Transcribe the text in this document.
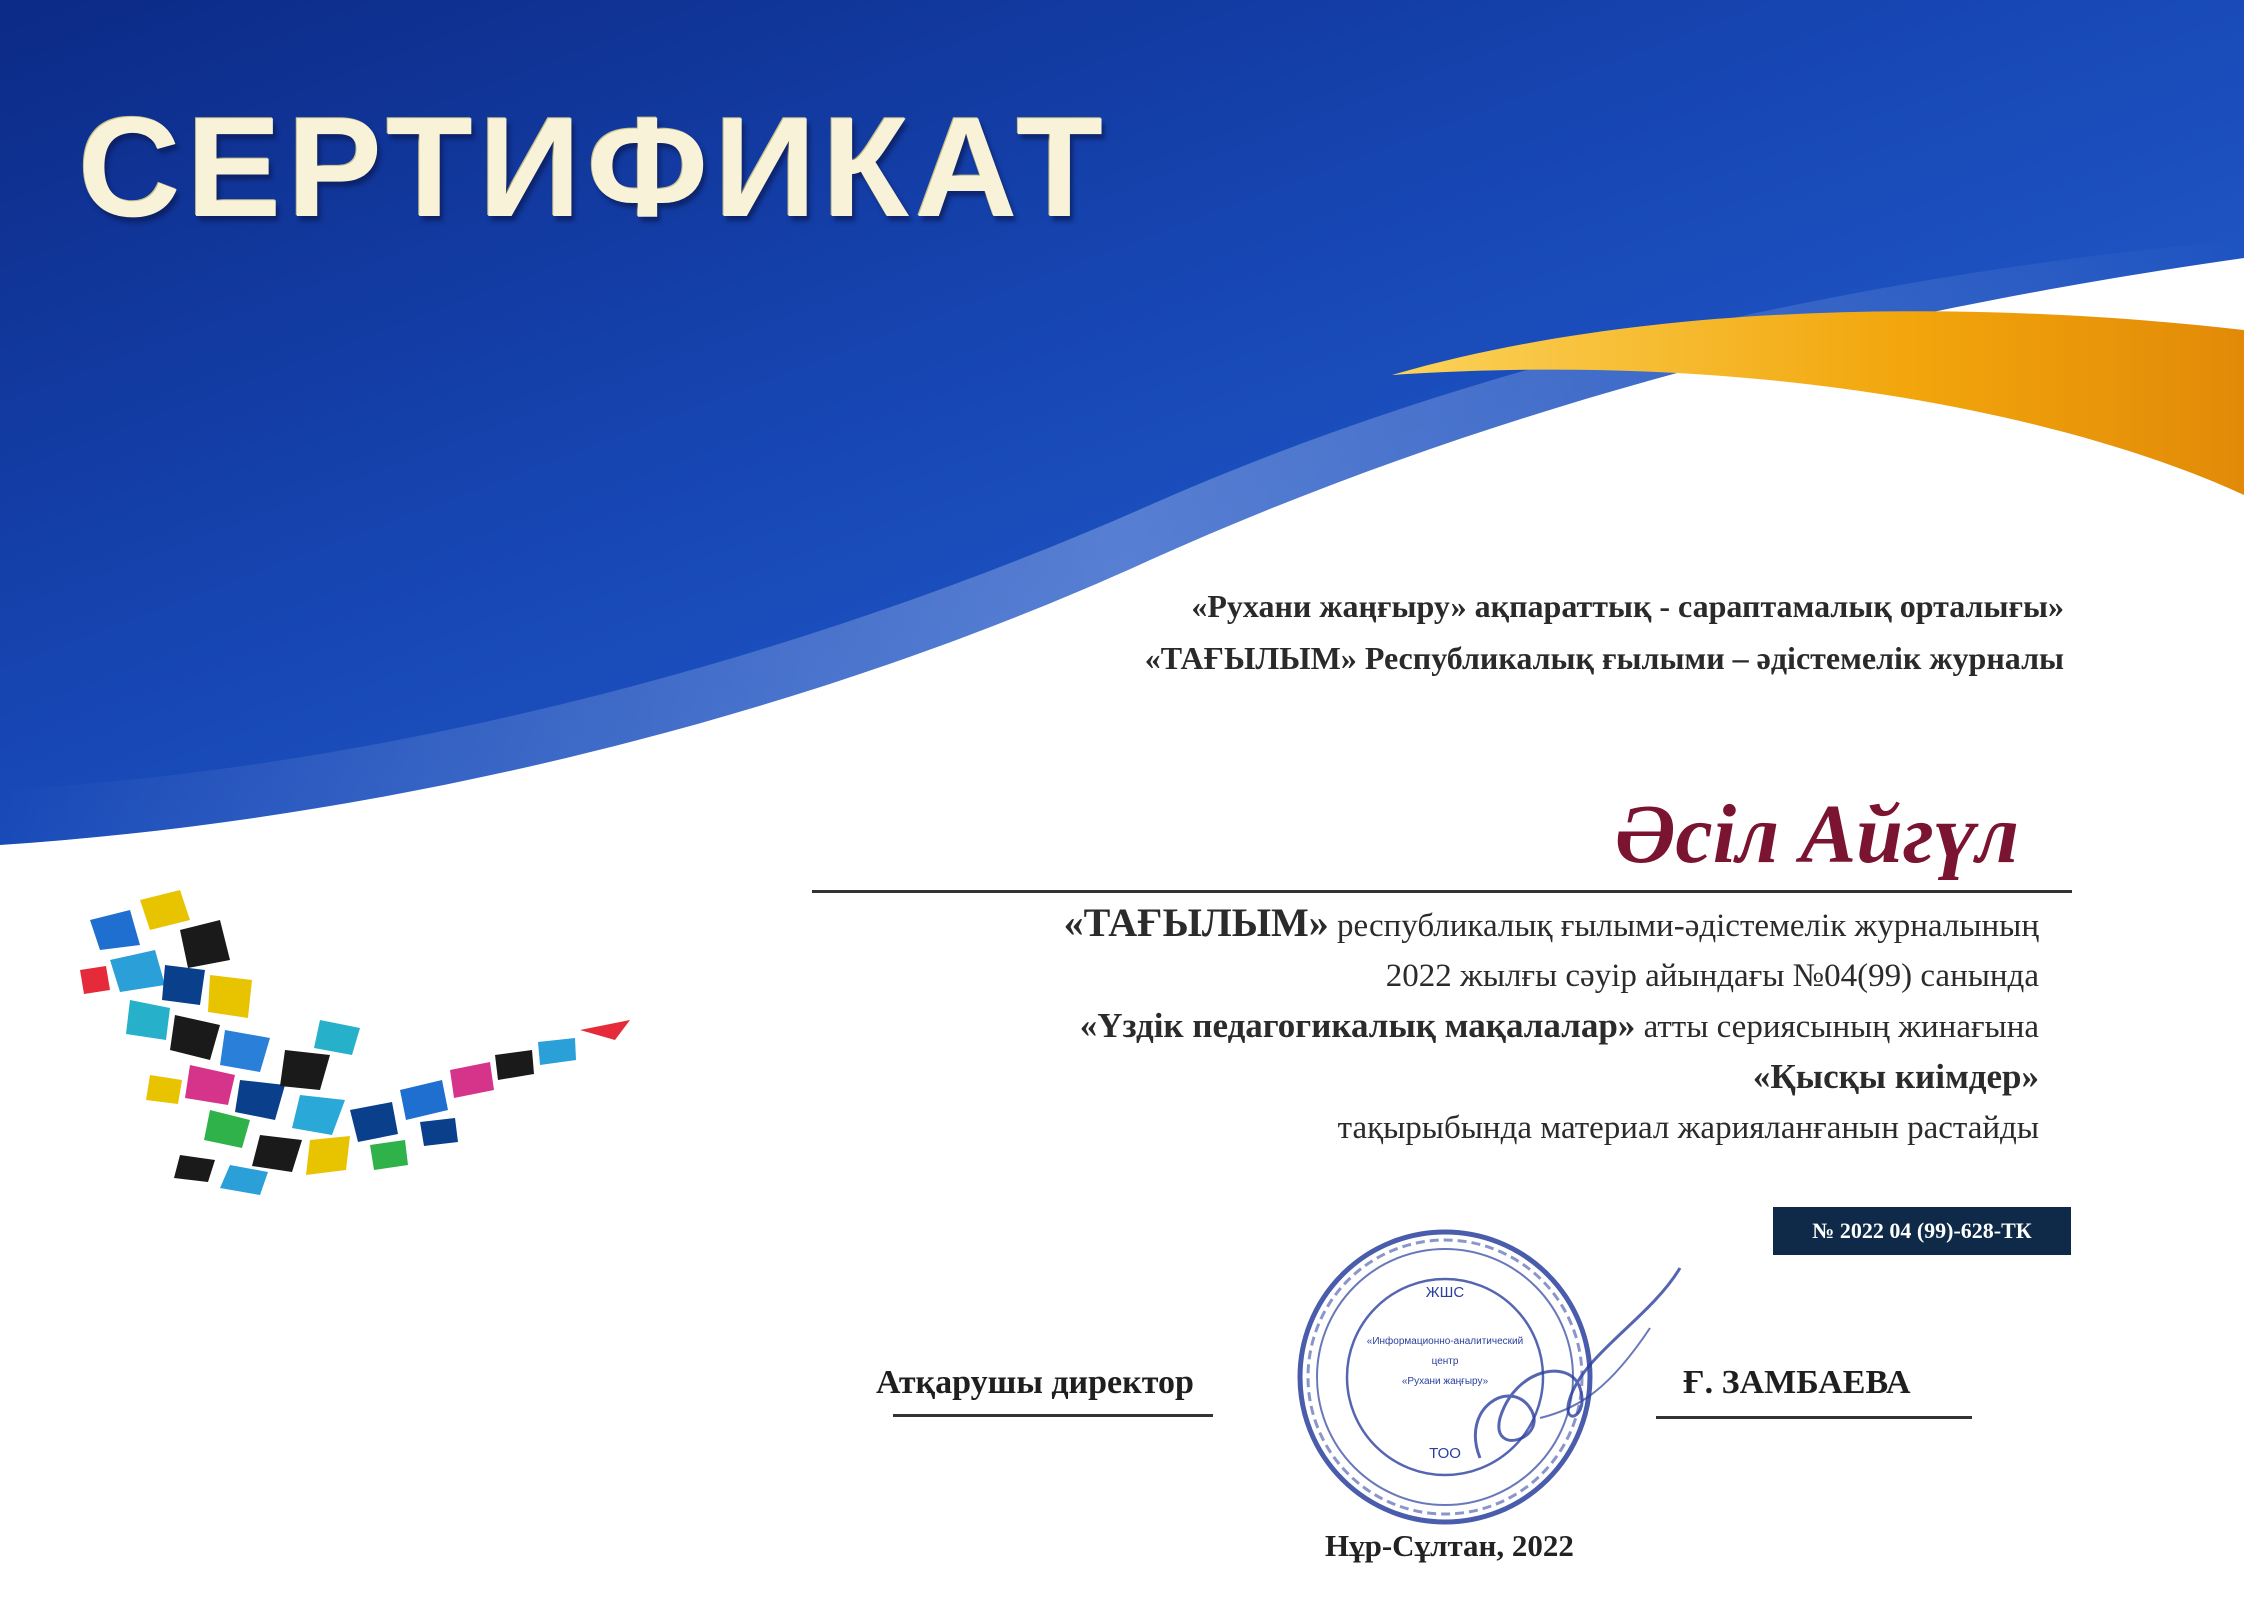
СЕРТИФИКАТ
«Рухани жаңғыру» ақпараттық - сараптамалық орталығы»
«ТАҒЫЛЫМ» Республикалық ғылыми – әдістемелік журналы
Әсіл Айгүл
«ТАҒЫЛЫМ» республикалық ғылыми-әдістемелік журналының
2022 жылғы сәуір айындағы №04(99) санында
«Үздік педагогикалық мақалалар» атты сериясының жинағына
«Қысқы киімдер»
тақырыбында материал жарияланғанын растайды
№ 2022 04 (99)-628-ТК
ЖШС
«Информационно-аналитический
центр
«Рухани жаңғыру»
ТОО
Атқарушы директор	Ғ. ЗАМБАЕВА
Нұр-Сұлтан, 2022
